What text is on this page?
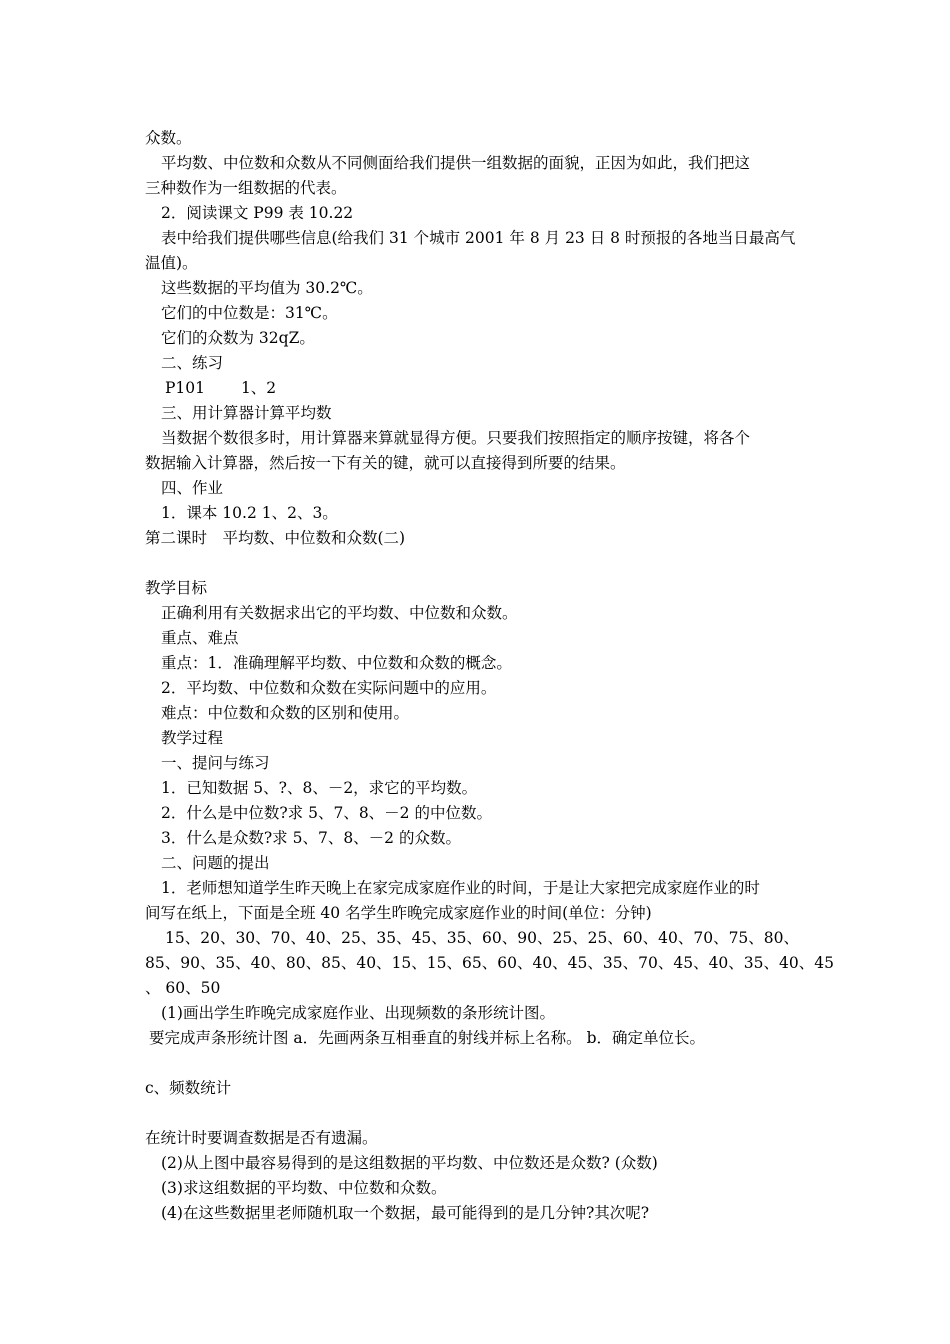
众数。

平均数、中位数和众数从不同侧面给我们提供一组数据的面貌，正因为如此，我们把这

三种数作为一组数据的代表。

2．阅读课文 P99 表 10.22

表中给我们提供哪些信息(给我们 31 个城市 2001 年 8 月 23 日 8 时预报的各地当日最高气

温值)。

这些数据的平均值为 30.2℃。

它们的中位数是：31℃。

它们的众数为 32qZ。

二、练习

P101　　 1、2

三、用计算器计算平均数

当数据个数很多时，用计算器来算就显得方便。只要我们按照指定的顺序按键，将各个

数据输入计算器，然后按一下有关的键，就可以直接得到所要的结果。

四、作业

1．课本 10.2 1、2、3。

第二课时　平均数、中位数和众数(二)

教学目标

正确利用有关数据求出它的平均数、中位数和众数。

重点、难点

重点：1．准确理解平均数、中位数和众数的概念。

2．平均数、中位数和众数在实际问题中的应用。

难点：中位数和众数的区别和使用。

教学过程

一、提问与练习

1．已知数据 5、?、8、－2，求它的平均数。

2．什么是中位数?求 5、7、8、－2 的中位数。

3．什么是众数?求 5、7、8、－2 的众数。

二、问题的提出

1．老师想知道学生昨天晚上在家完成家庭作业的时间，于是让大家把完成家庭作业的时

间写在纸上，下面是全班 40 名学生昨晚完成家庭作业的时间(单位：分钟)

15、20、30、70、40、25、35、45、35、60、90、25、25、60、40、70、75、80、

85、90、35、40、80、85、40、15、15、65、60、40、45、35、70、45、40、35、40、45

、 60、50

(1)画出学生昨晚完成家庭作业、出现频数的条形统计图。

要完成声条形统计图 a．先画两条互相垂直的射线并标上名称。 b．确定单位长。

c、频数统计

在统计时要调查数据是否有遗漏。

(2)从上图中最容易得到的是这组数据的平均数、中位数还是众数? (众数)

(3)求这组数据的平均数、中位数和众数。

(4)在这些数据里老师随机取一个数据，最可能得到的是几分钟?其次呢?
